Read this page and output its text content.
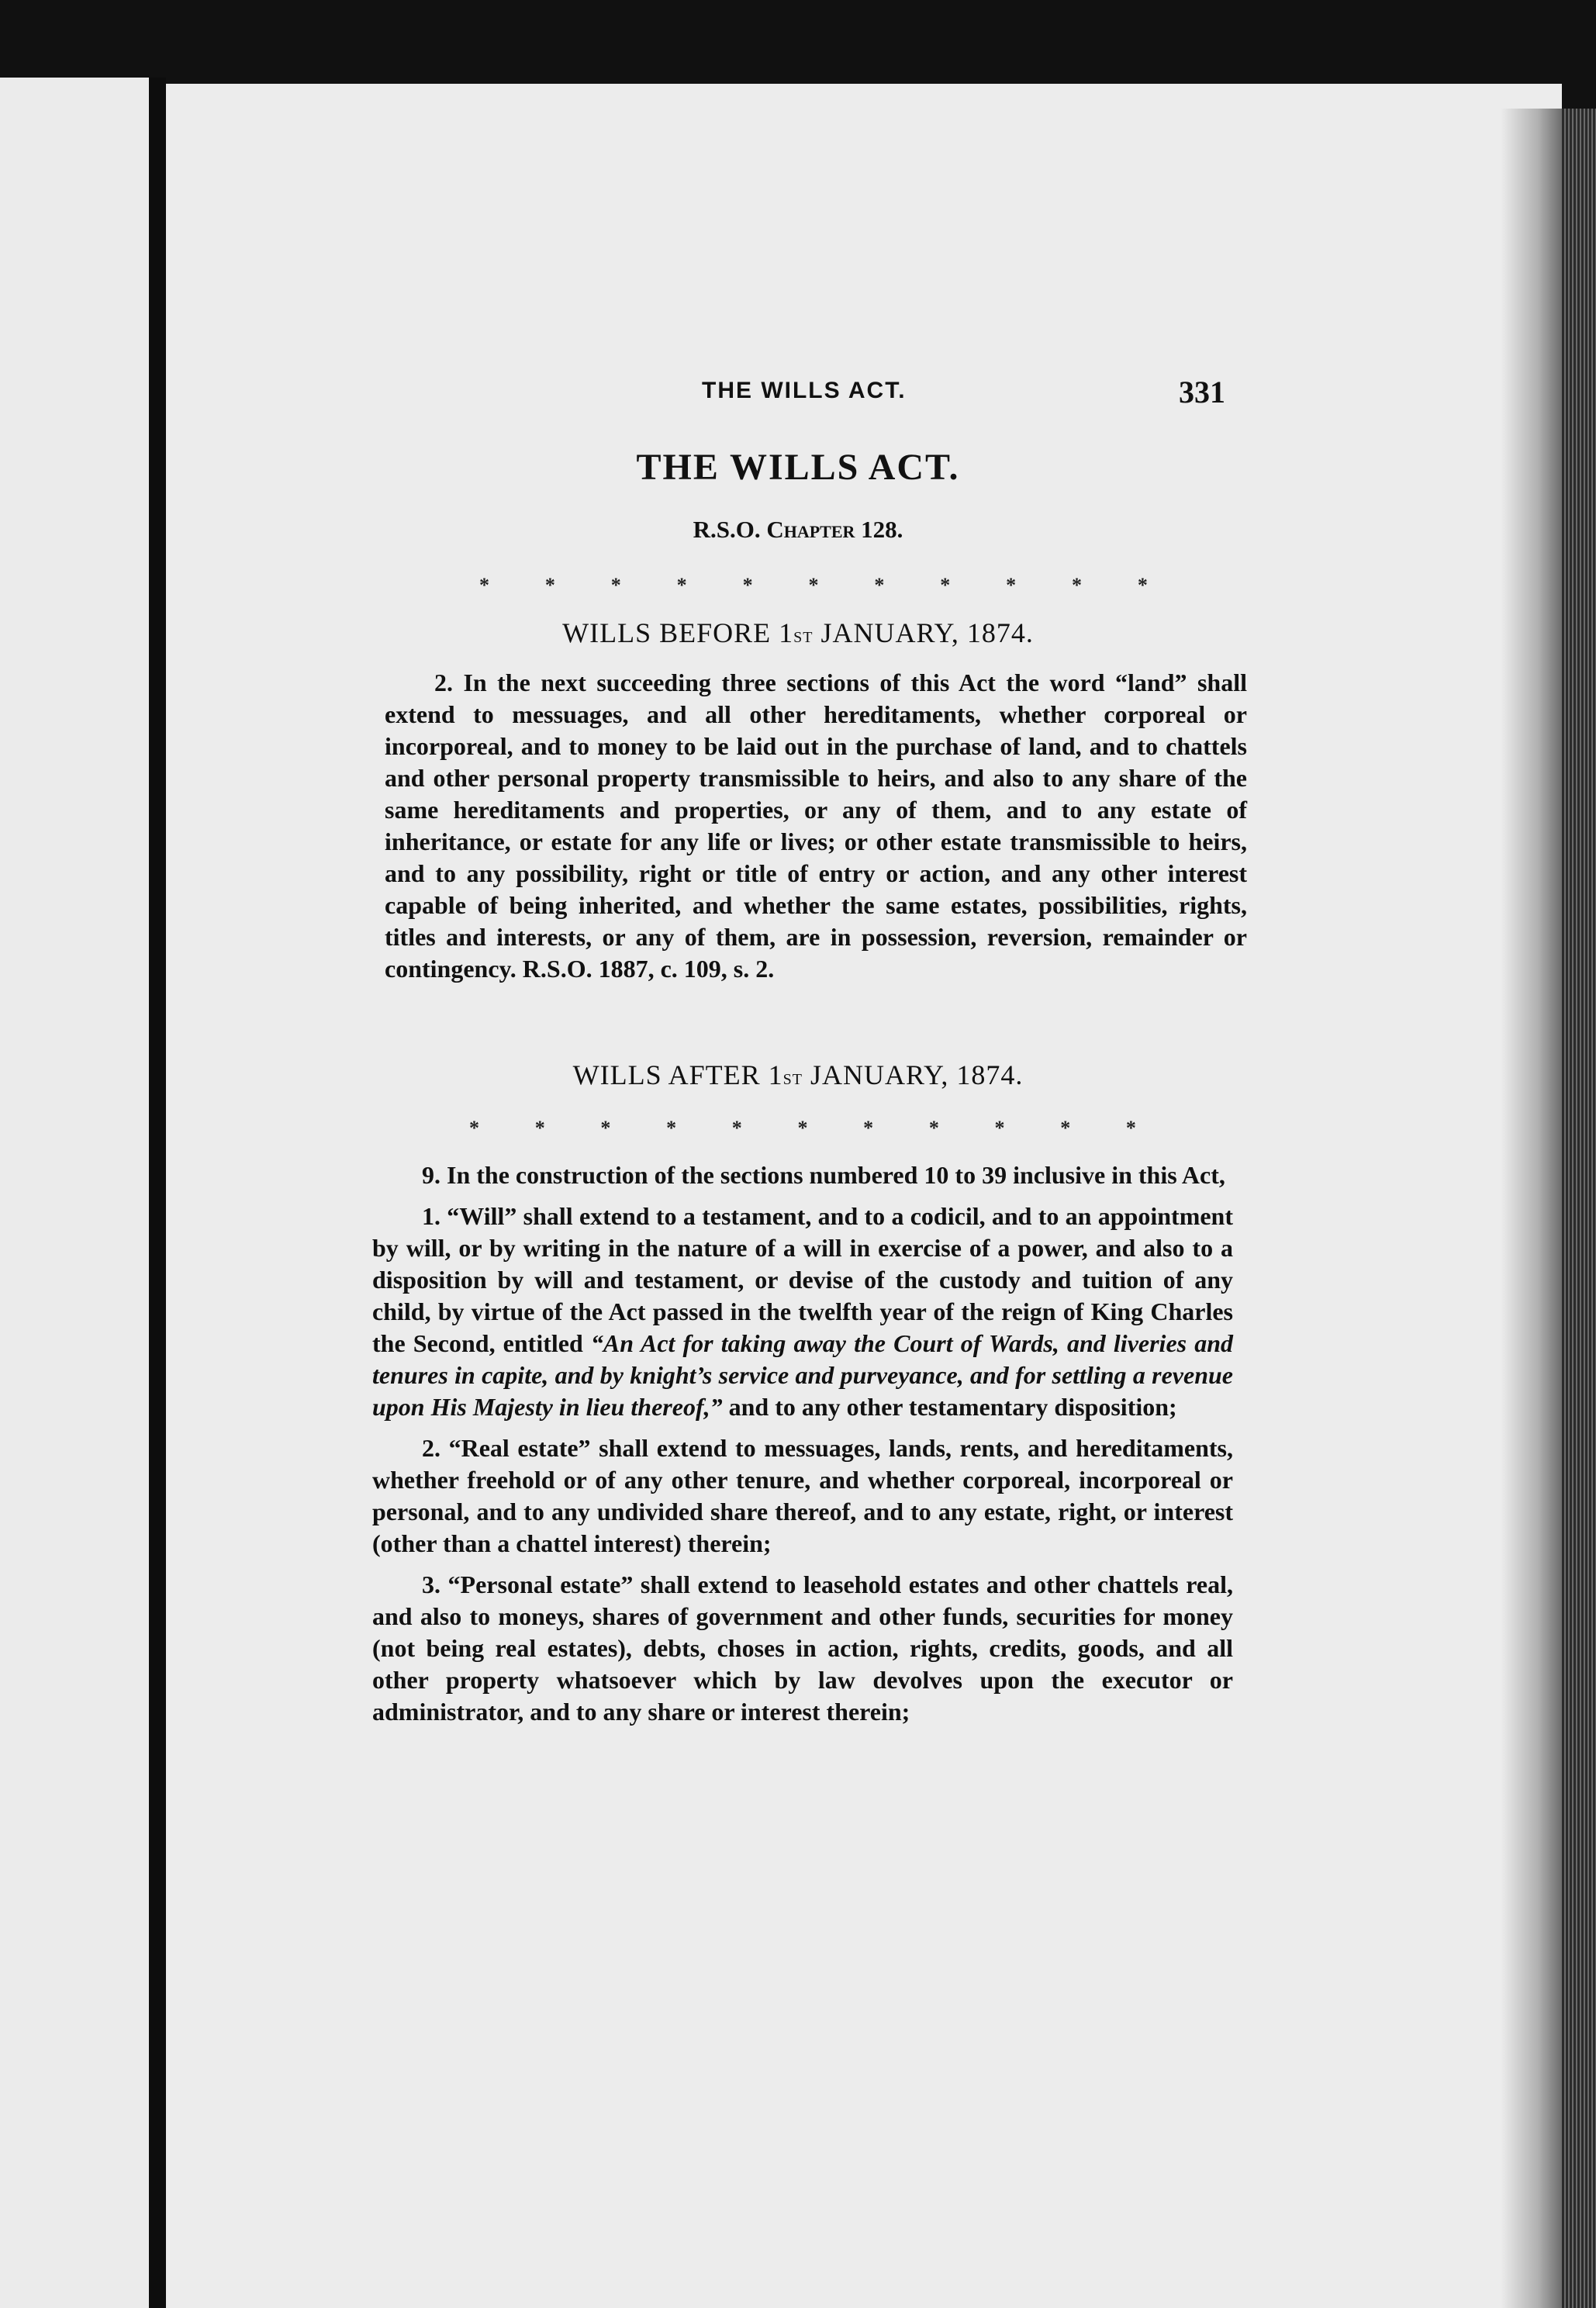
THE WILLS ACT.	331
THE WILLS ACT.
R.S.O. Chapter 128.
*	*	*	*	*	*	*	*	*	*	*
WILLS BEFORE 1st JANUARY, 1874.

2. In the next succeeding three sections of this Act the word “land” shall extend to messuages, and all other hereditaments, whether corporeal or incorporeal, and to money to be laid out in the purchase of land, and to chattels and other personal property transmissible to heirs, and also to any share of the same hereditaments and properties, or any of them, and to any estate of inheritance, or estate for any life or lives; or other estate transmissible to heirs, and to any possibility, right or title of entry or action, and any other interest capable of being inherited, and whether the same estates, possibilities, rights, titles and interests, or any of them, are in possession, reversion, remainder or contingency. R.S.O. 1887, c. 109, s. 2.

WILLS AFTER 1st JANUARY, 1874.
*	*	*	*	*	*	*	*	*	*	*

9. In the construction of the sections numbered 10 to 39 inclusive in this Act,

1. “Will” shall extend to a testament, and to a codicil, and to an appointment by will, or by writing in the nature of a will in exercise of a power, and also to a disposition by will and testament, or devise of the custody and tuition of any child, by virtue of the Act passed in the twelfth year of the reign of King Charles the Second, entitled “An Act for taking away the Court of Wards, and liveries and tenures in capite, and by knight’s service and purveyance, and for settling a revenue upon His Majesty in lieu thereof,” and to any other testamentary disposition;

2. “Real estate” shall extend to messuages, lands, rents, and hereditaments, whether freehold or of any other tenure, and whether corporeal, incorporeal or personal, and to any undivided share thereof, and to any estate, right, or interest (other than a chattel interest) therein;

3. “Personal estate” shall extend to leasehold estates and other chattels real, and also to moneys, shares of government and other funds, securities for money (not being real estates), debts, choses in action, rights, credits, goods, and all other property whatsoever which by law devolves upon the executor or administrator, and to any share or interest therein;
